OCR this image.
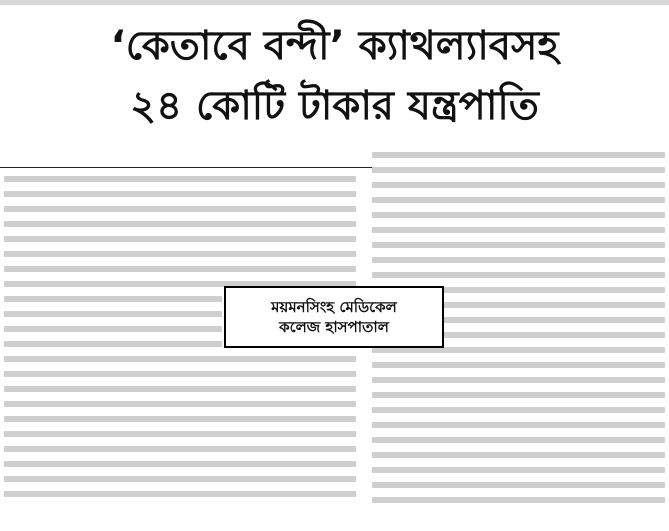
‘কেতাবে বন্দী’ ক্যাথল্যাবসহ
২৪ কোটি টাকার যন্ত্রপাতি
ময়মনসিংহ মেডিকেল
কলেজ হাসপাতাল
